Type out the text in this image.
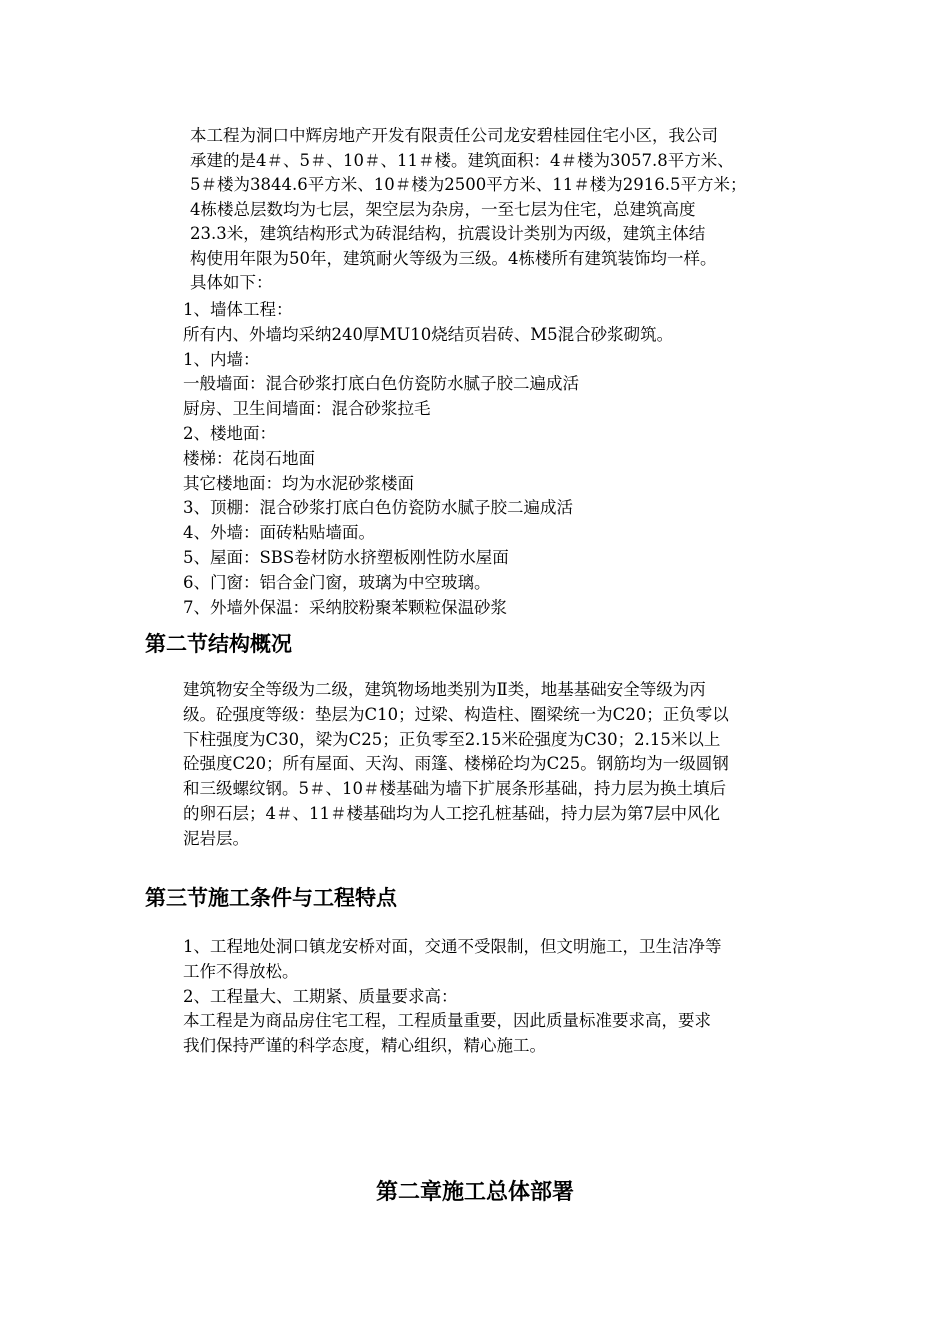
本工程为洞口中辉房地产开发有限责任公司龙安碧桂园住宅小区，我公司
承建的是4＃、5＃、10＃、11＃楼。建筑面积：4＃楼为3057.8平方米、
5＃楼为3844.6平方米、10＃楼为2500平方米、11＃楼为2916.5平方米；
4栋楼总层数均为七层，架空层为杂房，一至七层为住宅，总建筑高度
23.3米，建筑结构形式为砖混结构，抗震设计类别为丙级，建筑主体结
构使用年限为50年，建筑耐火等级为三级。4栋楼所有建筑装饰均一样。
具体如下：
1、墙体工程：
所有内、外墙均采纳240厚MU10烧结页岩砖、M5混合砂浆砌筑。
1、内墙：
一般墙面：混合砂浆打底白色仿瓷防水腻子胶二遍成活
厨房、卫生间墙面：混合砂浆拉毛
2、楼地面：
楼梯：花岗石地面
其它楼地面：均为水泥砂浆楼面
3、顶棚：混合砂浆打底白色仿瓷防水腻子胶二遍成活
4、外墙：面砖粘贴墙面。
5、屋面：SBS卷材防水挤塑板刚性防水屋面
6、门窗：铝合金门窗，玻璃为中空玻璃。
7、外墙外保温：采纳胶粉聚苯颗粒保温砂浆
第二节结构概况
建筑物安全等级为二级，建筑物场地类别为Ⅱ类，地基基础安全等级为丙
级。砼强度等级：垫层为C10；过梁、构造柱、圈梁统一为C20；正负零以
下柱强度为C30，梁为C25；正负零至2.15米砼强度为C30；2.15米以上
砼强度C20；所有屋面、天沟、雨篷、楼梯砼均为C25。钢筋均为一级圆钢
和三级螺纹钢。5＃、10＃楼基础为墙下扩展条形基础，持力层为换土填后
的卵石层；4＃、11＃楼基础均为人工挖孔桩基础，持力层为第7层中风化
泥岩层。
第三节施工条件与工程特点
1、工程地处洞口镇龙安桥对面，交通不受限制，但文明施工，卫生洁净等
工作不得放松。
2、工程量大、工期紧、质量要求高：
本工程是为商品房住宅工程，工程质量重要，因此质量标准要求高，要求
我们保持严谨的科学态度，精心组织，精心施工。
第二章施工总体部署
